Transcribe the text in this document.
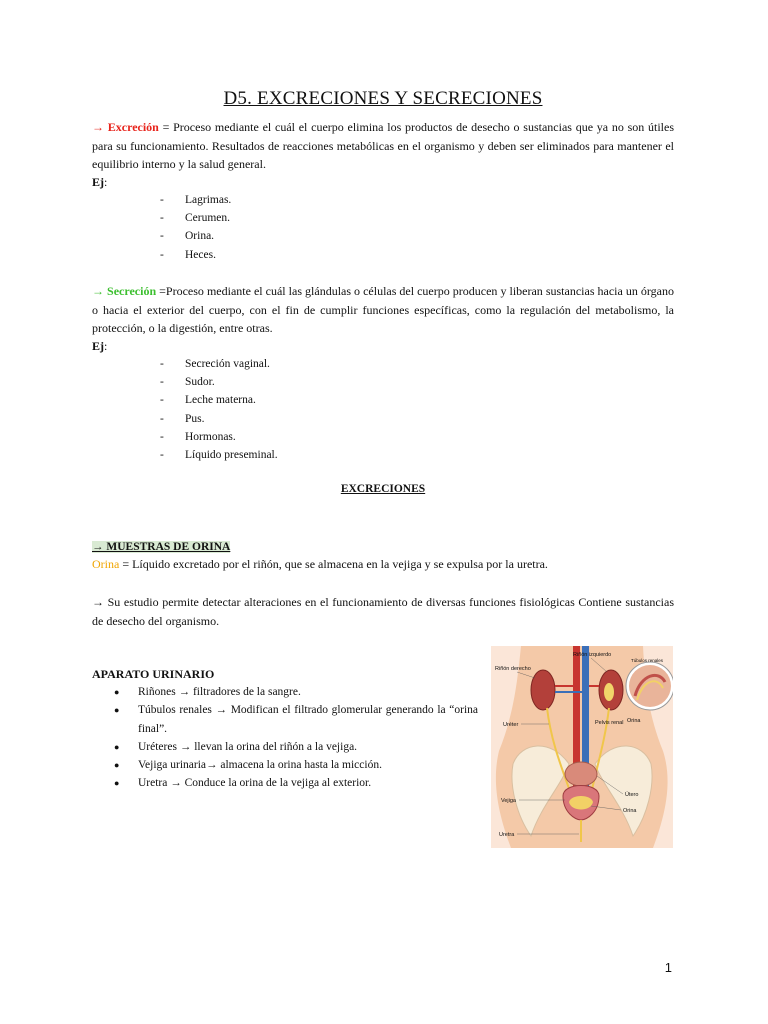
D5. EXCRECIONES Y SECRECIONES

→ Excreción = Proceso mediante el cuál el cuerpo elimina los productos de desecho o sustancias que ya no son útiles para su funcionamiento. Resultados de reacciones metabólicas en el organismo y deben ser eliminados para mantener el equilibrio interno y la salud general.

Ej:

- Lagrimas.
- Cerumen.
- Orina.
- Heces.

→ Secreción =Proceso mediante el cuál las glándulas o células del cuerpo producen y liberan sustancias hacia un órgano o hacia el exterior del cuerpo, con el fin de cumplir funciones específicas, como la regulación del metabolismo, la protección, o la digestión, entre otras.

Ej:

- Secreción vaginal.
- Sudor.
- Leche materna.
- Pus.
- Hormonas.
- Líquido preseminal.
EXCRECIONES

→ MUESTRAS DE ORINA

Orina = Líquido excretado por el riñón, que se almacena en la vejiga y se expulsa por la uretra.

→ Su estudio permite detectar alteraciones en el funcionamiento de diversas funciones fisiológicas Contiene sustancias de desecho del organismo.

APARATO URINARIO

● Riñones → filtradores de la sangre.
● Túbulos renales → Modifican el filtrado glomerular generando la “orina final”.
● Uréteres → llevan la orina del riñón a la vejiga.
● Vejiga urinaria→ almacena la orina hasta la micción.
● Uretra → Conduce la orina de la vejiga al exterior.
Riñón izquierdo
Riñón derecho
Túbulos renales
Orina
Uréter	Pelvis renal
Útero
Vejiga
Orina
Uretra
1
